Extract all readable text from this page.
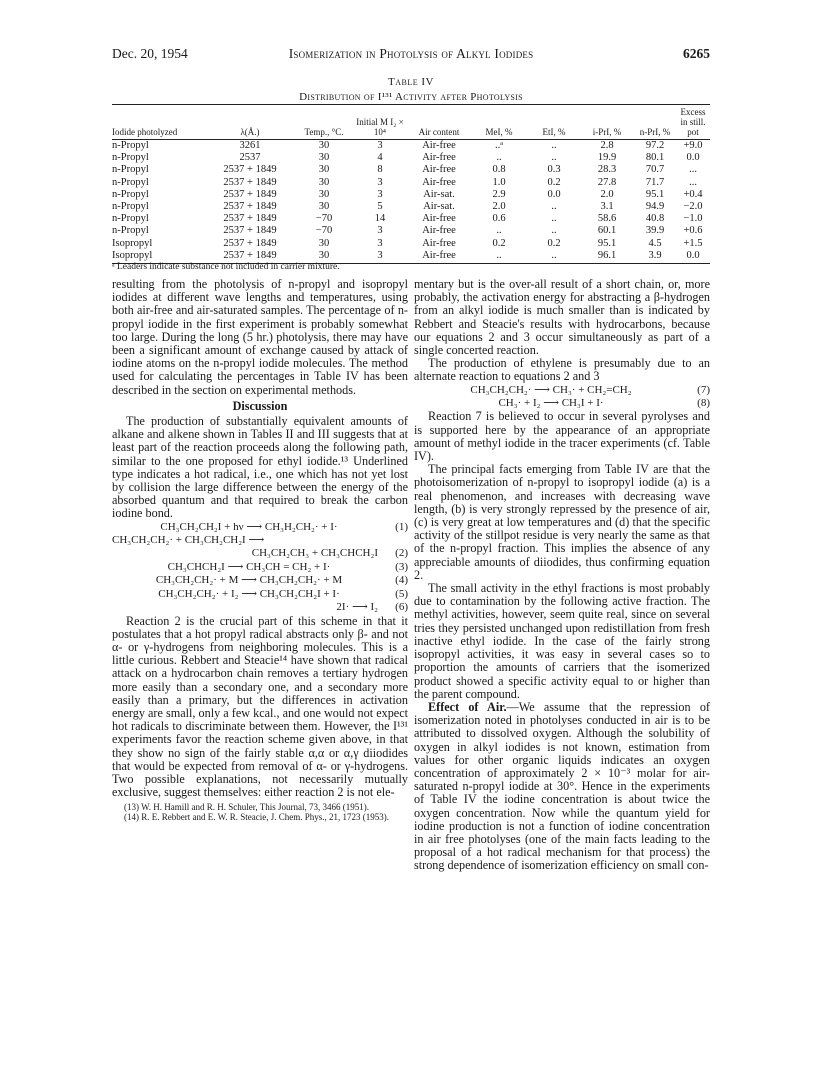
Dec. 20, 1954	Isomerization in Photolysis of Alkyl Iodides	6265
Table IV
Distribution of I¹³¹ Activity after Photolysis
Iodide photolyzed	λ(Å.)	Temp., °C.	Initial M I₂ × 10⁴	Air content	MeI, %	EtI, %	i-PrI, %	n-PrI, %	Excess in still. pot
n-Propyl	3261	30	3	Air-free	..ᵃ	..	2.8	97.2	+9.0
n-Propyl	2537	30	4	Air-free	..	..	19.9	80.1	0.0
n-Propyl	2537 + 1849	30	8	Air-free	0.8	0.3	28.3	70.7	...
n-Propyl	2537 + 1849	30	3	Air-free	1.0	0.2	27.8	71.7	...
n-Propyl	2537 + 1849	30	3	Air-sat.	2.9	0.0	2.0	95.1	+0.4
n-Propyl	2537 + 1849	30	5	Air-sat.	2.0	..	3.1	94.9	−2.0
n-Propyl	2537 + 1849	−70	14	Air-free	0.6	..	58.6	40.8	−1.0
n-Propyl	2537 + 1849	−70	3	Air-free	..	..	60.1	39.9	+0.6
Isopropyl	2537 + 1849	30	3	Air-free	0.2	0.2	95.1	4.5	+1.5
Isopropyl	2537 + 1849	30	3	Air-free	..	..	96.1	3.9	0.0
ᵃ Leaders indicate substance not included in carrier mixture.

resulting from the photolysis of n-propyl and isopropyl iodides at different wave lengths and temperatures, using both air-free and air-saturated samples. The percentage of n-propyl iodide in the first experiment is probably somewhat too large. During the long (5 hr.) photolysis, there may have been a significant amount of exchange caused by attack of iodine atoms on the n-propyl iodide molecules. The method used for calculating the percentages in Table IV has been described in the section on experimental methods.

Discussion

The production of substantially equivalent amounts of alkane and alkene shown in Tables II and III suggests that at least part of the reaction proceeds along the following path, similar to the one proposed for ethyl iodide.¹³ Underlined type indicates a hot radical, i.e., one which has not yet lost by collision the large difference between the energy of the absorbed quantum and that required to break the carbon iodine bond.

CH₃CH₂CH₂I + hν ⟶ CH₃H₂CH₂· + I·	(1)
CH₃CH₂CH₂· + CH₃CH₂CH₂I ⟶
CH₃CH₂CH₃ + CH₃CHCH₂I	(2)
CH₃CHCH₂I ⟶ CH₃CH = CH₂ + I·	(3)
CH₃CH₂CH₂· + M ⟶ CH₃CH₂CH₂· + M	(4)
CH₃CH₂CH₂· + I₂ ⟶ CH₃CH₂CH₂I + I·	(5)
2I· ⟶ I₂	(6)

Reaction 2 is the crucial part of this scheme in that it postulates that a hot propyl radical abstracts only β- and not α- or γ-hydrogens from neighboring molecules. This is a little curious. Rebbert and Steacie¹⁴ have shown that radical attack on a hydrocarbon chain removes a tertiary hydrogen more easily than a secondary one, and a secondary more easily than a primary, but the differences in activation energy are small, only a few kcal., and one would not expect hot radicals to discriminate between them. However, the I¹³¹ experiments favor the reaction scheme given above, in that they show no sign of the fairly stable α,α or α,γ diiodides that would be expected from removal of α- or γ-hydrogens. Two possible explanations, not necessarily mutually exclusive, suggest themselves: either reaction 2 is not ele-

(13) W. H. Hamill and R. H. Schuler, This Journal, 73, 3466 (1951).
(14) R. E. Rebbert and E. W. R. Steacie, J. Chem. Phys., 21, 1723 (1953).

mentary but is the over-all result of a short chain, or, more probably, the activation energy for abstracting a β-hydrogen from an alkyl iodide is much smaller than is indicated by Rebbert and Steacie's results with hydrocarbons, because our equations 2 and 3 occur simultaneously as part of a single concerted reaction.

The production of ethylene is presumably due to an alternate reaction to equations 2 and 3

CH₃CH₂CH₂· ⟶ CH₃· + CH₂=CH₂	(7)
CH₃· + I₂ ⟶ CH₃I + I·	(8)

Reaction 7 is believed to occur in several pyrolyses and is supported here by the appearance of an appropriate amount of methyl iodide in the tracer experiments (cf. Table IV).

The principal facts emerging from Table IV are that the photoisomerization of n-propyl to isopropyl iodide (a) is a real phenomenon, and increases with decreasing wave length, (b) is very strongly repressed by the presence of air, (c) is very great at low temperatures and (d) that the specific activity of the stillpot residue is very nearly the same as that of the n-propyl fraction. This implies the absence of any appreciable amounts of diiodides, thus confirming equation 2.

The small activity in the ethyl fractions is most probably due to contamination by the following active fraction. The methyl activities, however, seem quite real, since on several tries they persisted unchanged upon redistillation from fresh inactive ethyl iodide. In the case of the fairly strong isopropyl activities, it was easy in several cases so to proportion the amounts of carriers that the isomerized product showed a specific activity equal to or higher than the parent compound.

Effect of Air.—We assume that the repression of isomerization noted in photolyses conducted in air is to be attributed to dissolved oxygen. Although the solubility of oxygen in alkyl iodides is not known, estimation from values for other organic liquids indicates an oxygen concentration of approximately 2 × 10⁻³ molar for air-saturated n-propyl iodide at 30°. Hence in the experiments of Table IV the iodine concentration is about twice the oxygen concentration. Now while the quantum yield for iodine production is not a function of iodine concentration in air free photolyses (one of the main facts leading to the proposal of a hot radical mechanism for that process) the strong dependence of isomerization efficiency on small con-
